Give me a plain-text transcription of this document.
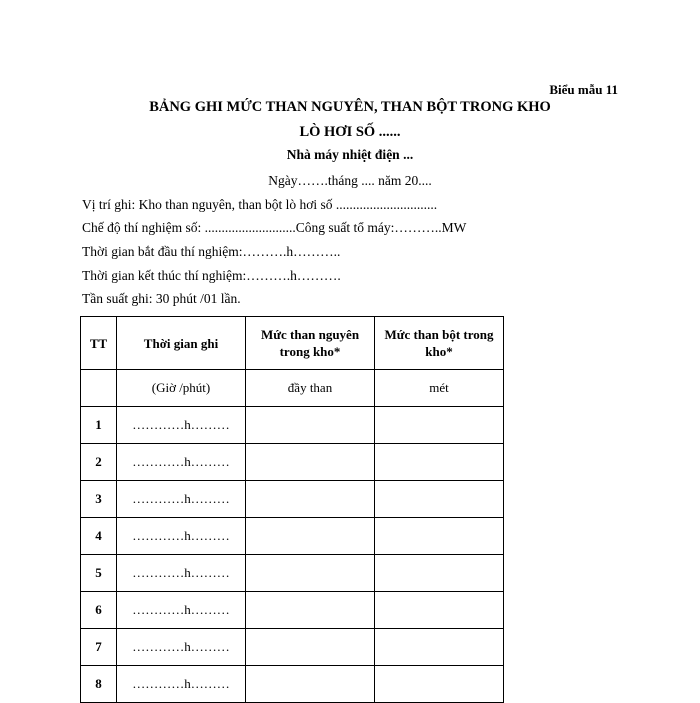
Biểu mẫu 11
BẢNG GHI MỨC THAN NGUYÊN, THAN BỘT TRONG KHO
LÒ HƠI SỐ ......
Nhà máy nhiệt điện ...
Ngày…….tháng .... năm 20....
Vị trí ghi: Kho than nguyên, than bột lò hơi số ..............................
Chế độ thí nghiệm số: ...........................Công suất tổ máy:………..MW
Thời gian bắt đầu thí nghiệm:……….h………..
Thời gian kết thúc thí nghiệm:……….h……….
Tần suất ghi: 30 phút /01 lần.
TT	Thời gian ghi	Mức than nguyên trong kho*	Mức than bột trong kho*
	(Giờ /phút)	đầy than	mét
1	…………h………		
2	…………h………		
3	…………h………		
4	…………h………		
5	…………h………		
6	…………h………		
7	…………h………		
8	…………h………		
